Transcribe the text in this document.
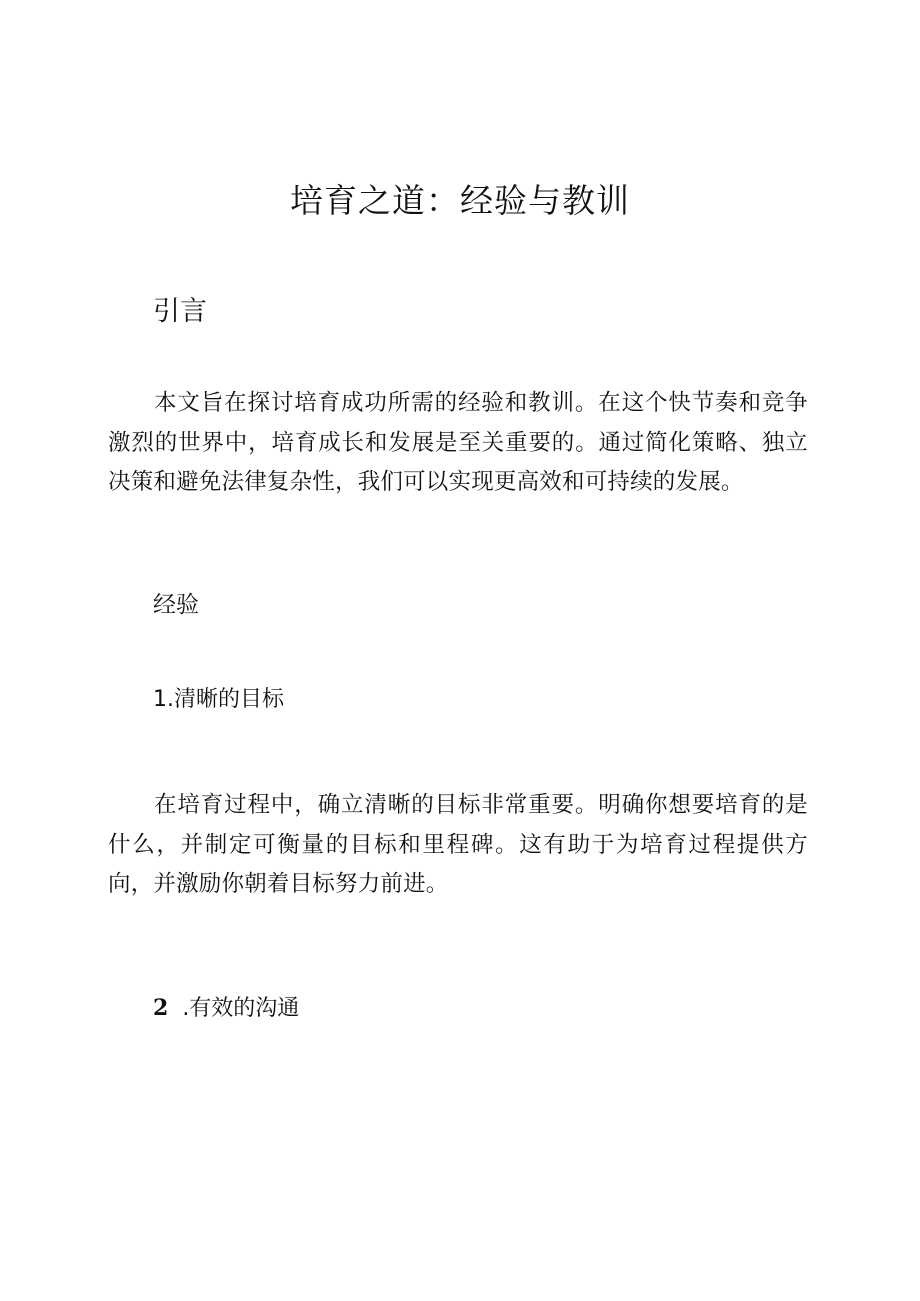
培育之道：经验与教训
引言

本文旨在探讨培育成功所需的经验和教训。在这个快节奏和竞争激烈的世界中，培育成长和发展是至关重要的。通过简化策略、独立决策和避免法律复杂性，我们可以实现更高效和可持续的发展。

经验
1.清晰的目标

在培育过程中，确立清晰的目标非常重要。明确你想要培育的是什么，并制定可衡量的目标和里程碑。这有助于为培育过程提供方向，并激励你朝着目标努力前进。

2 .有效的沟通
